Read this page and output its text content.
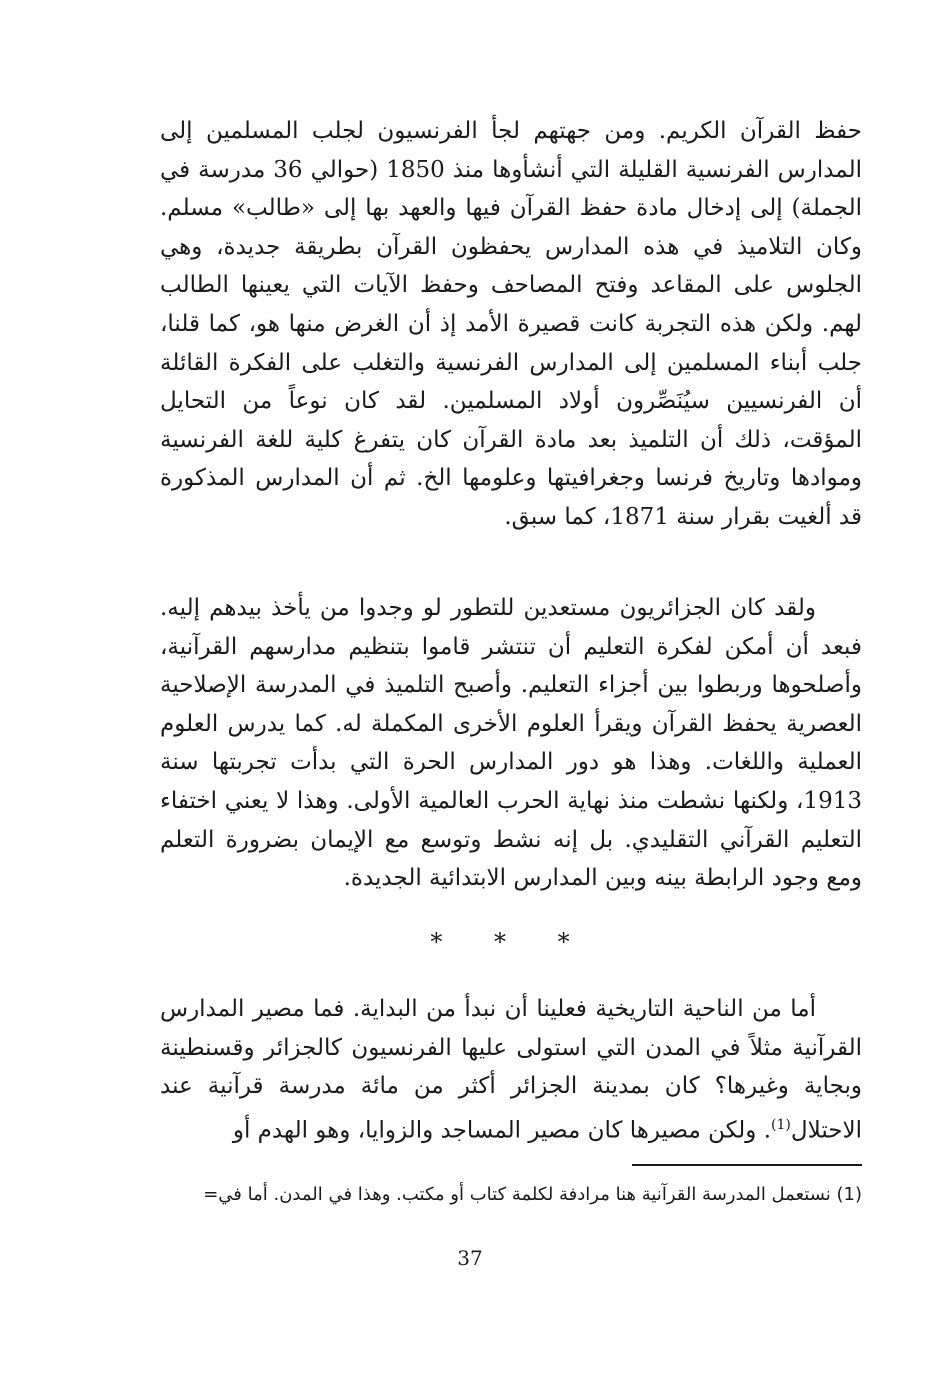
حفظ القرآن الكريم. ومن جهتهم لجأ الفرنسيون لجلب المسلمين إلى المدارس الفرنسية القليلة التي أنشأوها منذ 1850 (حوالي 36 مدرسة في الجملة) إلى إدخال مادة حفظ القرآن فيها والعهد بها إلى «طالب» مسلم. وكان التلاميذ في هذه المدارس يحفظون القرآن بطريقة جديدة، وهي الجلوس على المقاعد وفتح المصاحف وحفظ الآيات التي يعينها الطالب لهم. ولكن هذه التجربة كانت قصيرة الأمد إذ أن الغرض منها هو، كما قلنا، جلب أبناء المسلمين إلى المدارس الفرنسية والتغلب على الفكرة القائلة أن الفرنسيين سيُنَصِّرون أولاد المسلمين. لقد كان نوعاً من التحايل المؤقت، ذلك أن التلميذ بعد مادة القرآن كان يتفرغ كلية للغة الفرنسية وموادها وتاريخ فرنسا وجغرافيتها وعلومها الخ. ثم أن المدارس المذكورة قد ألغيت بقرار سنة 1871، كما سبق.

ولقد كان الجزائريون مستعدين للتطور لو وجدوا من يأخذ بيدهم إليه. فبعد أن أمكن لفكرة التعليم أن تنتشر قاموا بتنظيم مدارسهم القرآنية، وأصلحوها وربطوا بين أجزاء التعليم. وأصبح التلميذ في المدرسة الإصلاحية العصرية يحفظ القرآن ويقرأ العلوم الأخرى المكملة له. كما يدرس العلوم العملية واللغات. وهذا هو دور المدارس الحرة التي بدأت تجربتها سنة 1913، ولكنها نشطت منذ نهاية الحرب العالمية الأولى. وهذا لا يعني اختفاء التعليم القرآني التقليدي. بل إنه نشط وتوسع مع الإيمان بضرورة التعلم ومع وجود الرابطة بينه وبين المدارس الابتدائية الجديدة.

* * *

أما من الناحية التاريخية فعلينا أن نبدأ من البداية. فما مصير المدارس القرآنية مثلاً في المدن التي استولى عليها الفرنسيون كالجزائر وقسنطينة وبجاية وغيرها؟ كان بمدينة الجزائر أكثر من مائة مدرسة قرآنية عند الاحتلال$^{(1)}$. ولكن مصيرها كان مصير المساجد والزوايا، وهو الهدم أو

(1) نستعمل المدرسة القرآنية هنا مرادفة لكلمة كتاب أو مكتب. وهذا في المدن. أما في=
37
